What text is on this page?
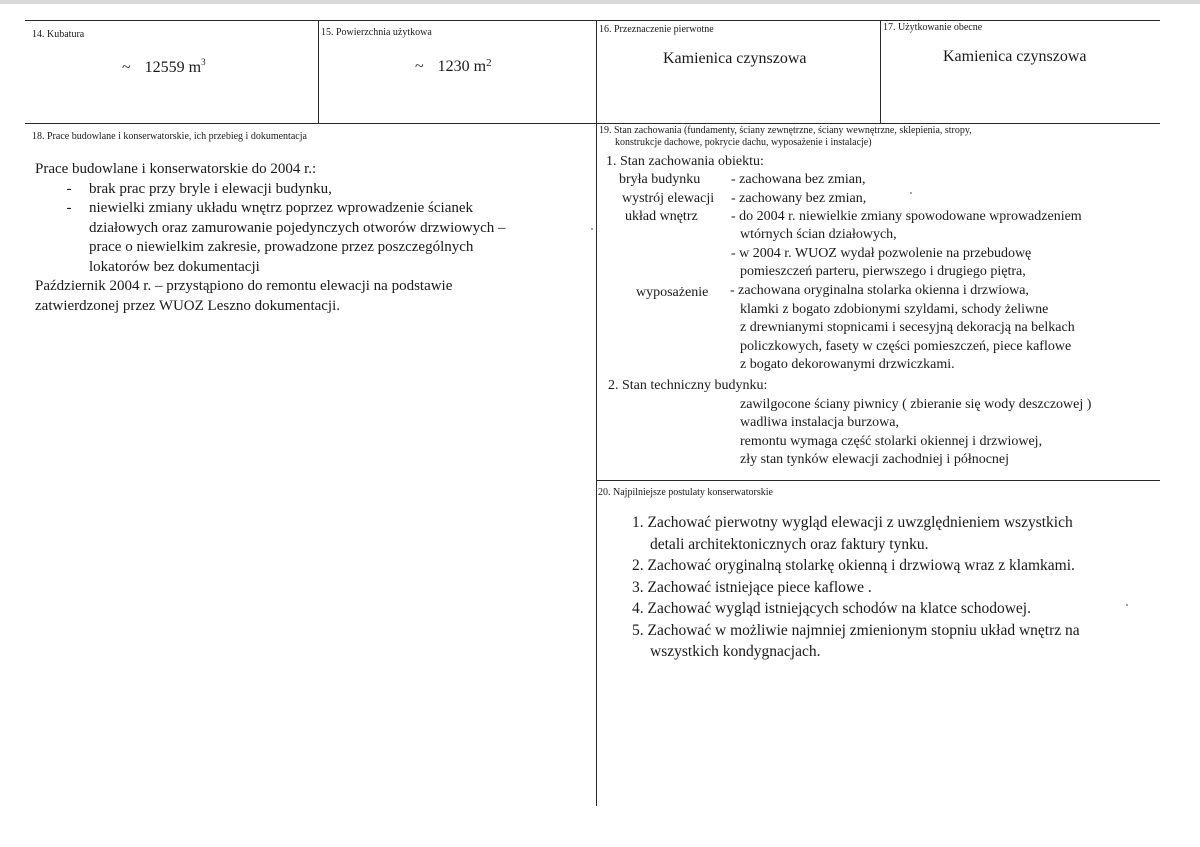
14. Kubatura
~ 12559 $m^3$
15. Powierzchnia użytkowa
~ 1230 $m^2$
16. Przeznaczenie pierwotne
Kamienica czynszowa
17. Użytkowanie obecne
Kamienica czynszowa
18. Prace budowlane i konserwatorskie, ich przebieg i dokumentacja
Prace budowlane i konserwatorskie do 2004 r.:
- brak prac przy bryle i elewacji budynku,
- niewielki zmiany układu wnętrz poprzez wprowadzenie ścianek
działowych oraz zamurowanie pojedynczych otworów drzwiowych –
prace o niewielkim zakresie, prowadzone przez poszczególnych
lokatorów bez dokumentacji
Październik 2004 r. – przystąpiono do remontu elewacji na podstawie
zatwierdzonej przez WUOZ Leszno dokumentacji.
19. Stan zachowania (fundamenty, ściany zewnętrzne, ściany wewnętrzne, sklepienia, stropy,
konstrukcje dachowe, pokrycie dachu, wyposażenie i instalacje)
1. Stan zachowania obiektu:
bryła budynku - zachowana bez zmian,
wystrój elewacji - zachowany bez zmian,
układ wnętrz - do 2004 r. niewielkie zmiany spowodowane wprowadzeniem
wtórnych ścian działowych,
- w 2004 r. WUOZ wydał pozwolenie na przebudowę
pomieszczeń parteru, pierwszego i drugiego piętra,
wyposażenie - zachowana oryginalna stolarka okienna i drzwiowa,
klamki z bogato zdobionymi szyldami, schody żeliwne
z drewnianymi stopnicami i secesyjną dekoracją na belkach
policzkowych, fasety w części pomieszczeń, piece kaflowe
z bogato dekorowanymi drzwiczkami.
2. Stan techniczny budynku:
zawilgocone ściany piwnicy ( zbieranie się wody deszczowej )
wadliwa instalacja burzowa,
remontu wymaga część stolarki okiennej i drzwiowej,
zły stan tynków elewacji zachodniej i północnej
20. Najpilniejsze postulaty konserwatorskie
1. Zachować pierwotny wygląd elewacji z uwzględnieniem wszystkich
detali architektonicznych oraz faktury tynku.
2. Zachować oryginalną stolarkę okienną i drzwiową wraz z klamkami.
3. Zachować istniejące piece kaflowe .
4. Zachować wygląd istniejących schodów na klatce schodowej.
5. Zachować w możliwie najmniej zmienionym stopniu układ wnętrz na
wszystkich kondygnacjach.
